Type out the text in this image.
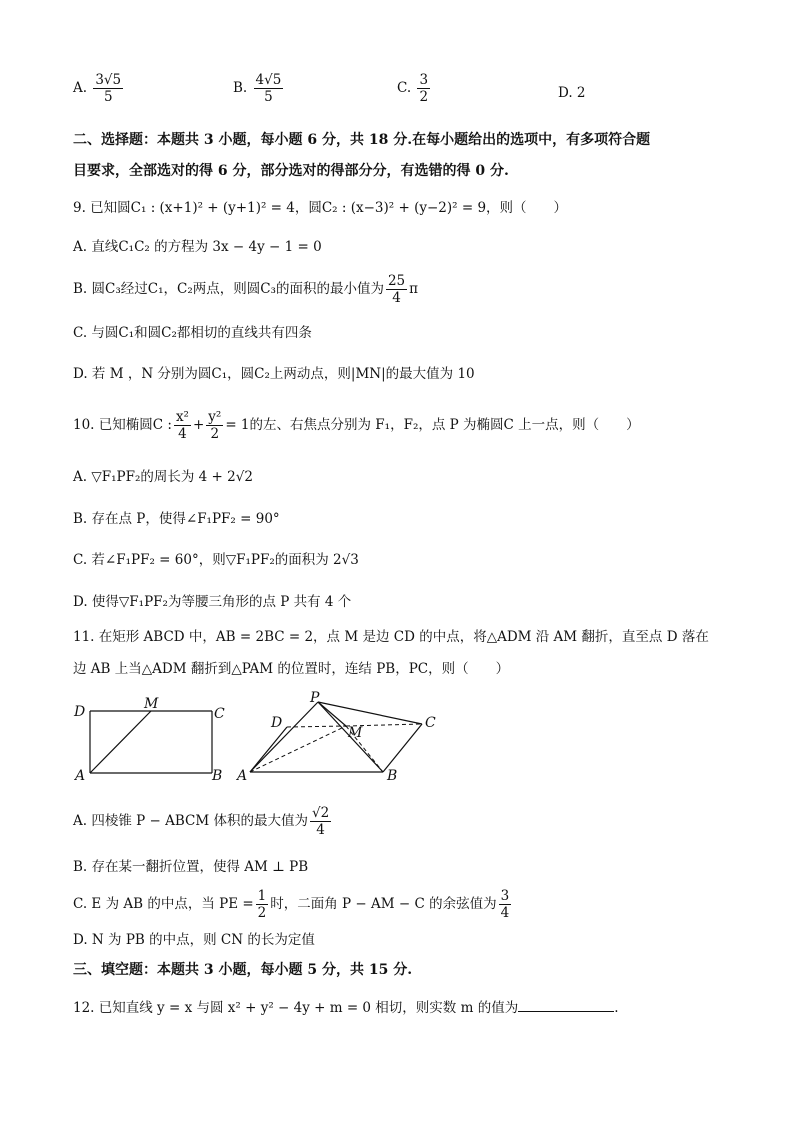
A. $\frac{3√5}{5}$	B. $\frac{4√5}{5}$	C. $\frac{3}{2}$	D. 2
二、选择题：本题共 3 小题，每小题 6 分，共 18 分.在每小题给出的选项中，有多项符合题
目要求，全部选对的得 6 分，部分选对的得部分分，有选错的得 0 分.
9. 已知圆C₁ : (x+1)² + (y+1)² = 4，圆C₂ : (x−3)² + (y−2)² = 9，则（　　）
A. 直线C₁C₂ 的方程为 3x − 4y − 1 = 0
B. 圆C₃经过C₁，C₂两点，则圆C₃的面积的最小值为 $\frac{25}{4}$ π
C. 与圆C₁和圆C₂都相切的直线共有四条
D. 若 M ，N 分别为圆C₁，圆C₂上两动点，则|MN|的最大值为 10
10. 已知椭圆C : $\frac{\text{x²}}{4} + \frac{\text{y²}}{2} = 1$的左、右焦点分别为 F₁，F₂，点 P 为椭圆C 上一点，则（　　）
A. ▽F₁PF₂的周长为 4 + 2√2
B. 存在点 P，使得∠F₁PF₂ = 90°
C. 若∠F₁PF₂ = 60°，则▽F₁PF₂的面积为 2√3
D. 使得▽F₁PF₂为等腰三角形的点 P 共有 4 个
11. 在矩形 ABCD 中，AB = 2BC = 2，点 M 是边 CD 的中点，将△ADM 沿 AM 翻折，直至点 D 落在
边 AB 上当△ADM 翻折到△PAM 的位置时，连结 PB，PC，则（　　）
D	M
C
A	B
P
D
M
C
A	B
A. 四棱锥 P − ABCM 体积的最大值为 $\frac{√2}{4}$
B. 存在某一翻折位置，使得 AM ⊥ PB
C. E 为 AB 的中点，当 PE = $\frac{1}{2}$ 时，二面角 P − AM − C 的余弦值为 $\frac{3}{4}$
D. N 为 PB 的中点，则 CN 的长为定值
三、填空题：本题共 3 小题，每小题 5 分，共 15 分.
12. 已知直线 y = x 与圆 x² + y² − 4y + m = 0 相切，则实数 m 的值为	.
